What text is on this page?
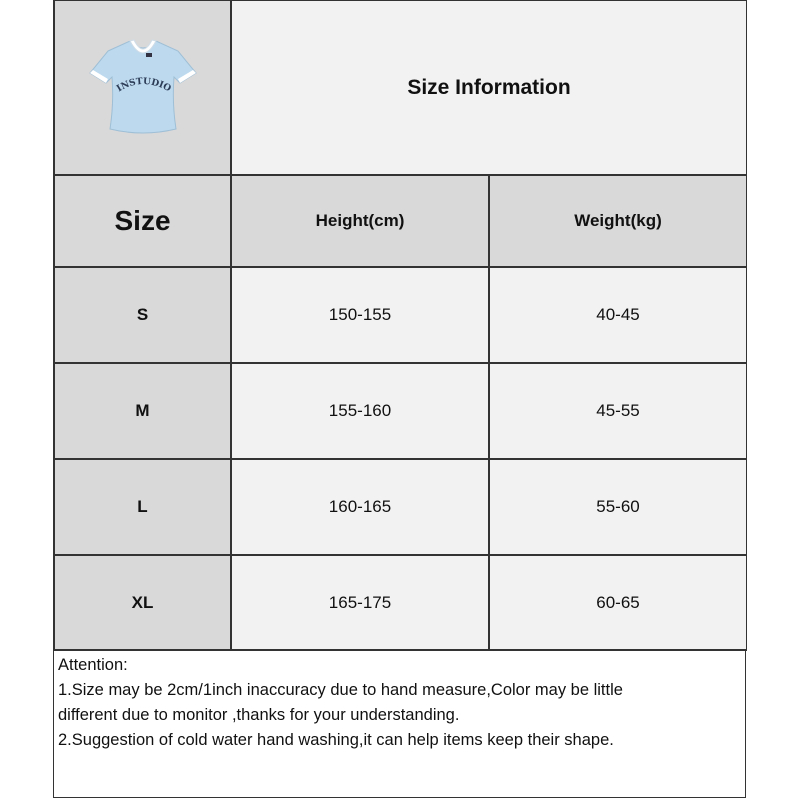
INSTUDIO	Size Information
Size	Height(cm)	Weight(kg)
S	150-155	40-45
M	155-160	45-55
L	160-165	55-60
XL	165-175	60-65
Attention:
1.Size may be 2cm/1inch inaccuracy due to hand measure,Color may be little
different due to monitor ,thanks for your understanding.
2.Suggestion of cold water hand washing,it can help items keep their shape.
